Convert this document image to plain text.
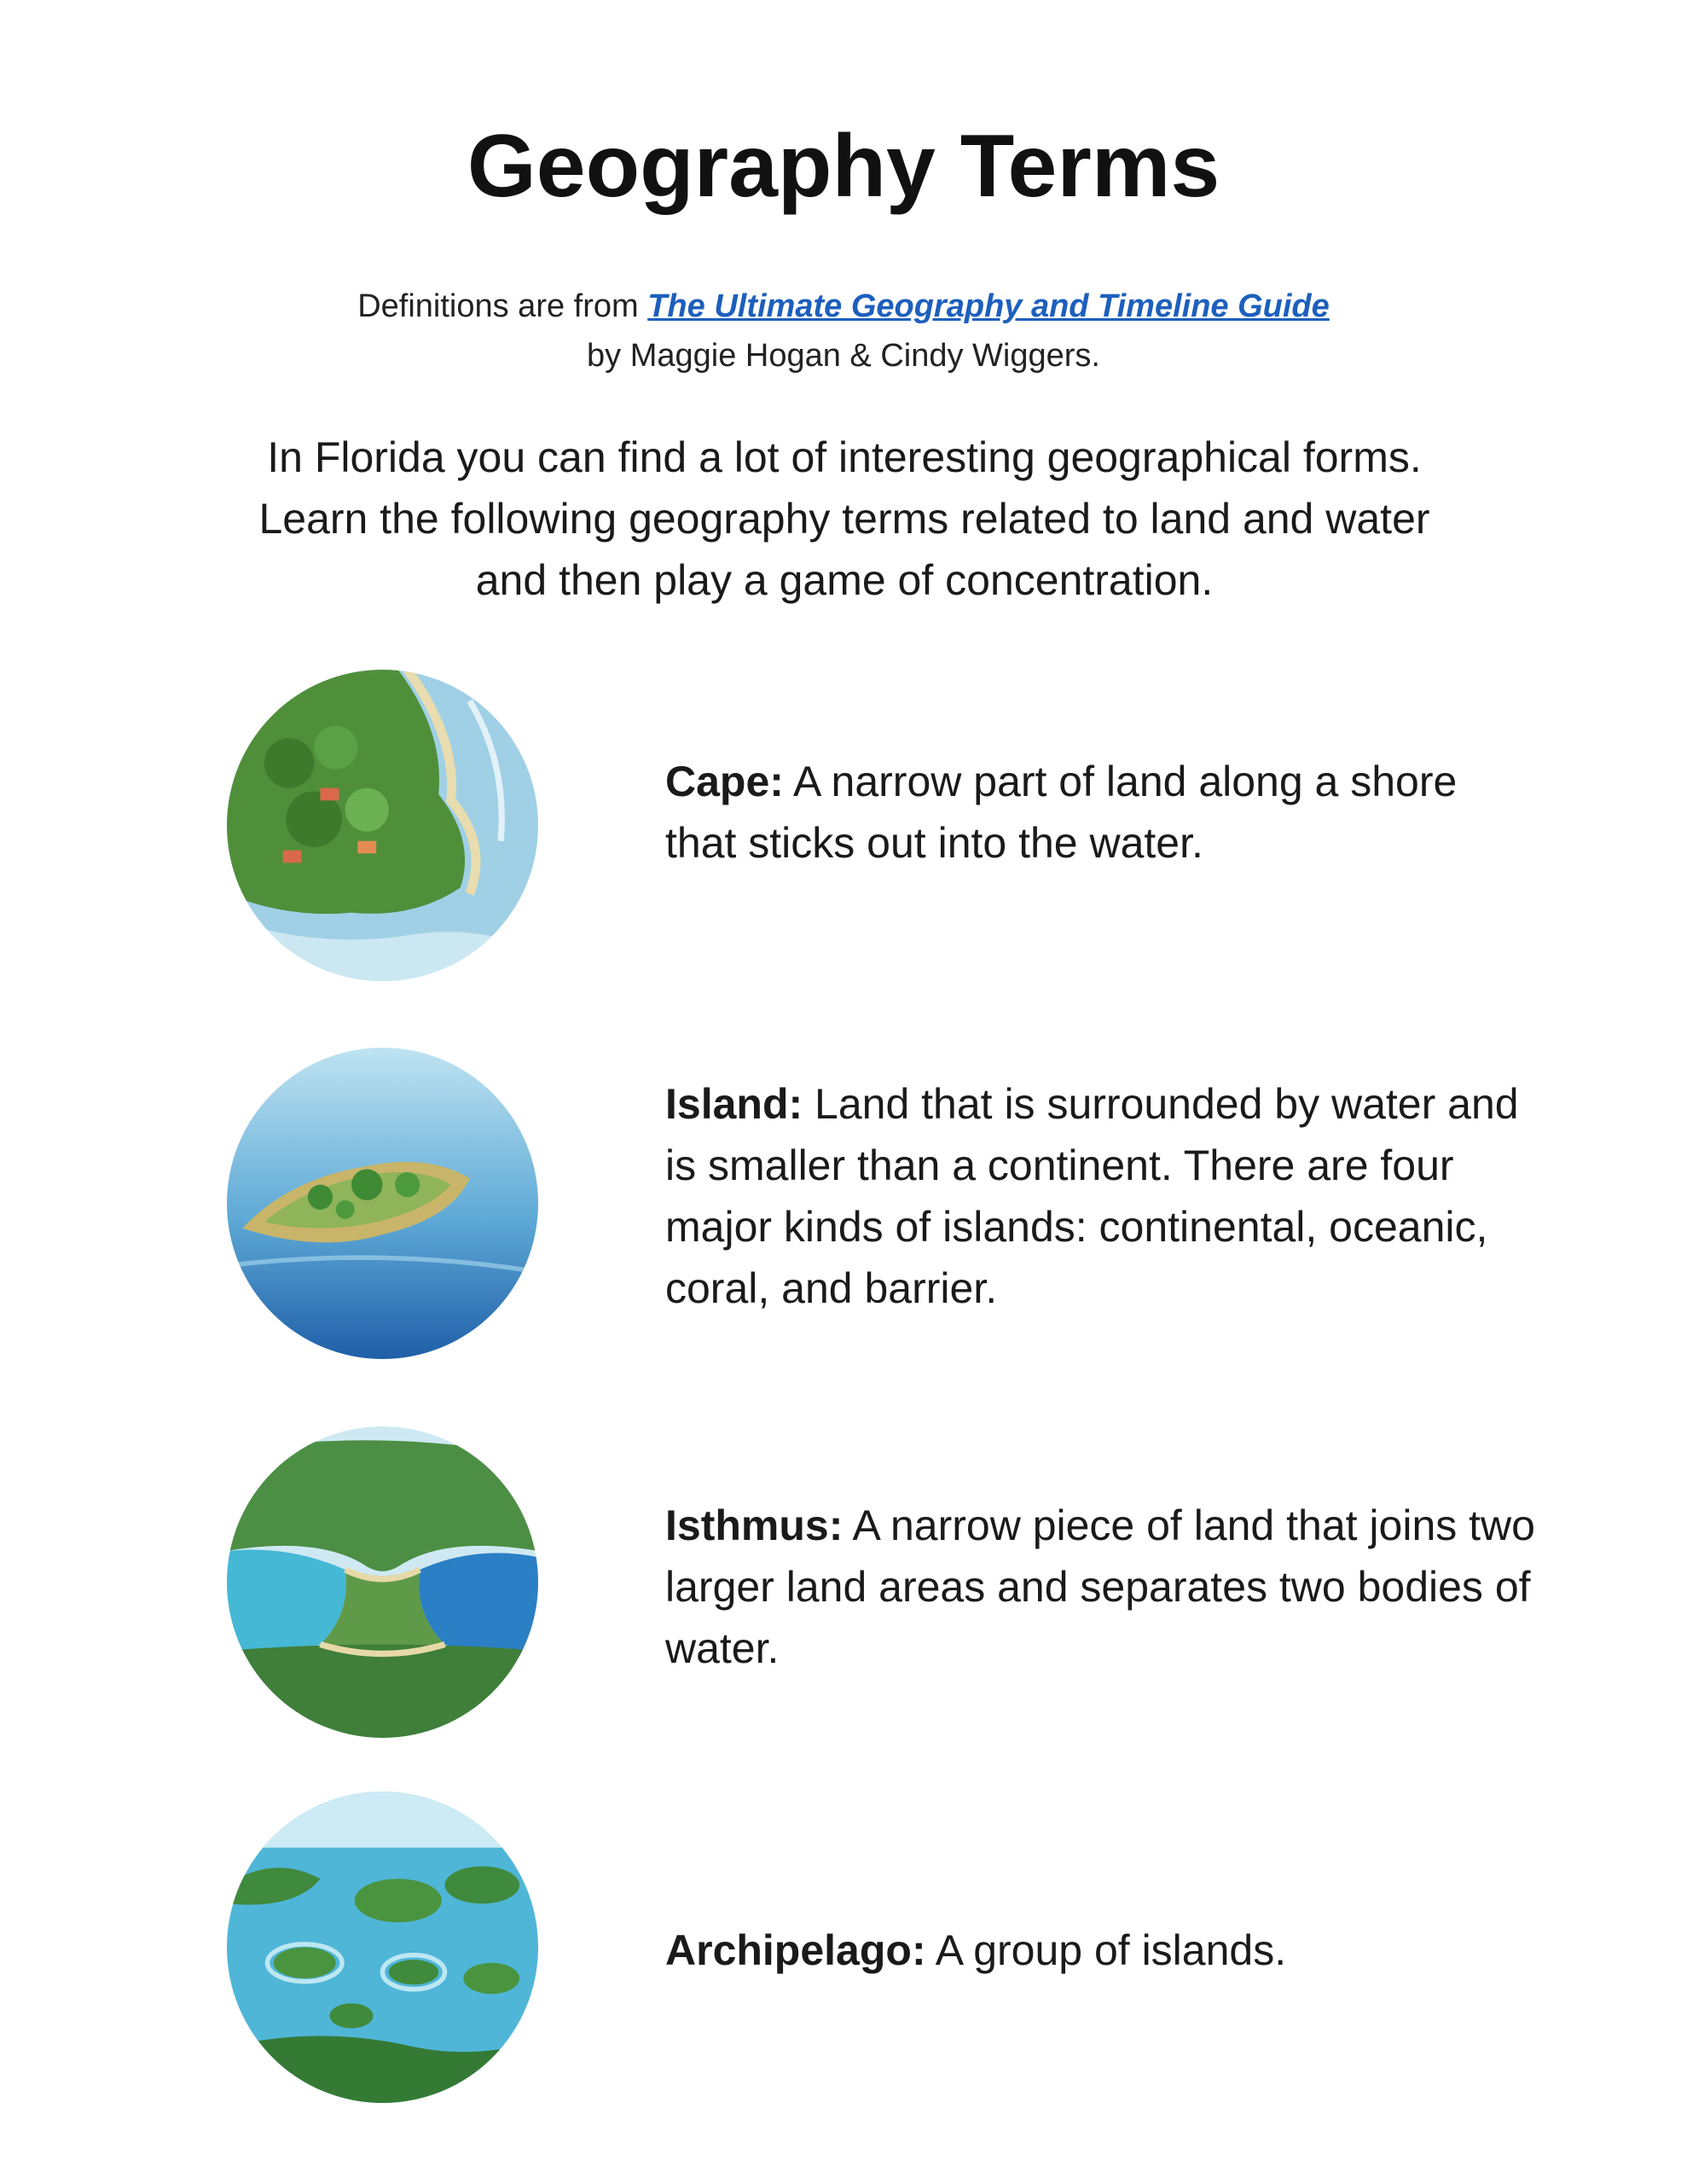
Geography Terms
Definitions are from The Ultimate Geography and Timeline Guide
by Maggie Hogan & Cindy Wiggers.
In Florida you can find a lot of interesting geographical forms.
Learn the following geography terms related to land and water
and then play a game of concentration.
Cape: A narrow part of land along a shore that sticks out into the water.
Island: Land that is surrounded by water and is smaller than a continent. There are four major kinds of islands: continental, oceanic, coral, and barrier.
Isthmus: A narrow piece of land that joins two larger land areas and separates two bodies of water.
Archipelago: A group of islands.
